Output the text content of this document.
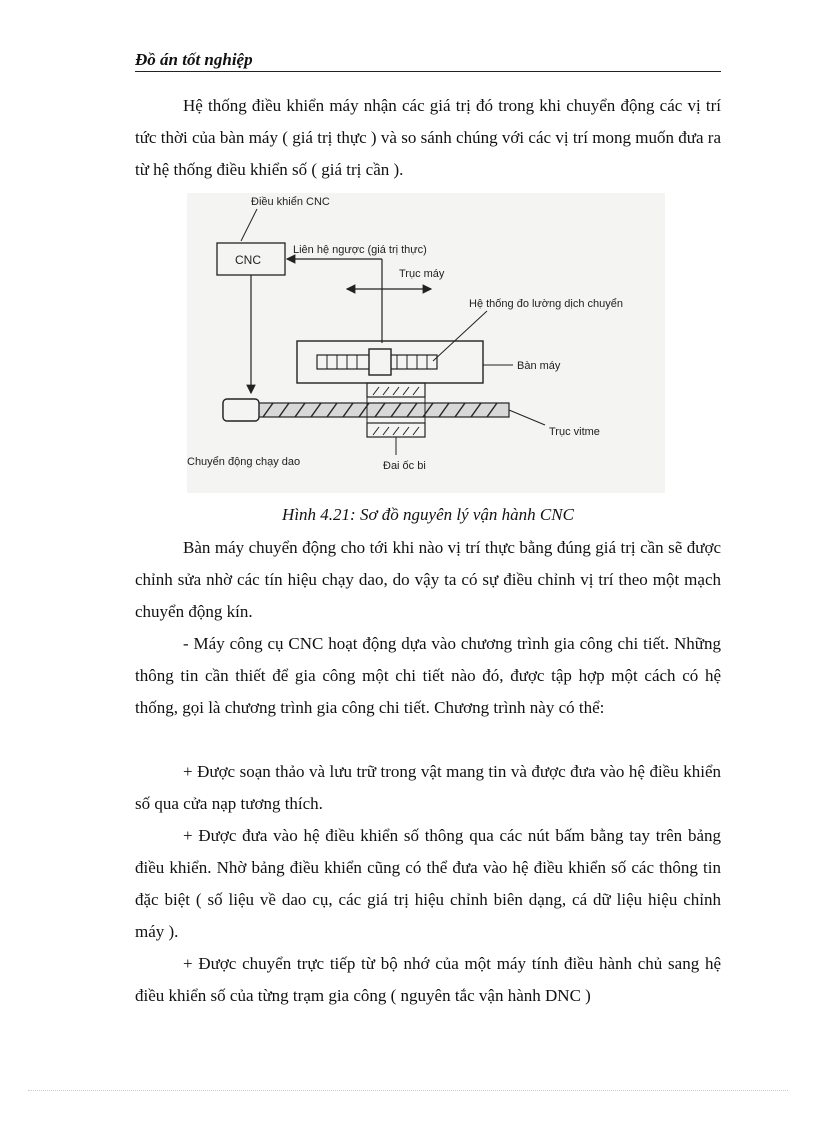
Đồ án tốt nghiệp

Hệ thống điều khiển máy nhận các giá trị đó trong khi chuyển động các vị trí tức thời của bàn máy ( giá trị thực ) và so sánh chúng với các vị trí mong muốn đưa ra từ hệ thống điều khiển số ( giá trị cần ).

Điều khiển CNC
CNC
Liên hệ ngược (giá trị thực)
Trục máy
Hệ thống đo lường dịch chuyển
Bàn máy
Trục vitme
Đai ốc bi
Chuyển động chạy dao
Hình 4.21: Sơ đồ nguyên lý vận hành CNC

Bàn máy chuyển động cho tới khi nào vị trí thực bằng đúng giá trị cần sẽ được chỉnh sửa nhờ các tín hiệu chạy dao, do vậy ta có sự điều chỉnh vị trí theo một mạch chuyển động kín.

- Máy công cụ CNC hoạt động dựa vào chương trình gia công chi tiết. Những thông tin cần thiết để gia công một chi tiết nào đó, được tập hợp một cách có hệ thống, gọi là chương trình gia công chi tiết. Chương trình này có thể:

+ Được soạn thảo và lưu trữ trong vật mang tin và được đưa vào hệ điều khiển số qua cửa nạp tương thích.

+ Được đưa vào hệ điều khiển số thông qua các nút bấm bằng tay trên bảng điều khiển. Nhờ bảng điều khiển cũng có thể đưa vào hệ điều khiển số các thông tin đặc biệt ( số liệu về dao cụ, các giá trị hiệu chỉnh biên dạng, cá dữ liệu hiệu chỉnh máy ).

+ Được chuyển trực tiếp từ bộ nhớ của một máy tính điều hành chủ sang hệ điều khiển số của từng trạm gia công ( nguyên tắc vận hành DNC )
